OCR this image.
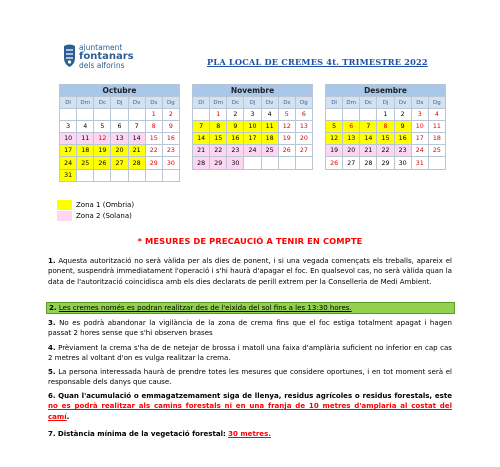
ajuntament
fontanars
dels alforins	PLA LOCAL DE CREMES 4t. TRIMESTRE 2022
Octubre						
Dl	Dm	Dc	Dj	Dv	Ds	Dg
					1	2
3	4	5	6	7	8	9
10	11	12	13	14	15	16
17	18	19	20	21	22	23
24	25	26	27	28	29	30
31						
Novembre						
Dl	Dm	Dc	Dj	Dv	Ds	Dg
	1	2	3	4	5	6
7	8	9	10	11	12	13
14	15	16	17	18	19	20
21	22	23	24	25	26	27
28	29	30				
Desembre						
Dl	Dm	Dc	Dj	Dv	Ds	Dg
			1	2	3	4
5	6	7	8	9	10	11
12	13	14	15	16	17	18
19	20	21	22	23	24	25
26	27	28	29	30	31	
Zona 1 (Ombria)
Zona 2 (Solana)
* MESURES DE PRECAUCIÓ A TENIR EN COMPTE
1. Aquesta autorització no serà vàlida per als dies de ponent, i si una vegada començats els treballs, apareix el ponent, suspendrà immediatament l'operació i s'hi haurà d'apagar el foc. En qualsevol cas, no serà vàlida quan la data de l'autorització coincidisca amb els dies declarats de perill extrem per la Conselleria de Medi Ambient.
2. Les cremes només es podran realitzar des de l'eixida del sol fins a les 13:30 hores.
3. No es podrà abandonar la vigilància de la zona de crema fins que el foc estiga totalment apagat i hagen passat 2 hores sense que s'hi observen brases
4. Prèviament la crema s'ha de de netejar de brossa i matoll una faixa d'amplària suficient no inferior en cap cas 2 metres al voltant d'on es vulga realitzar la crema.
5. La persona interessada haurà de prendre totes les mesures que considere oportunes, i en tot moment serà el responsable dels danys que cause.
6. Quan l'acumulació o emmagatzemament siga de llenya, residus agrícoles o residus forestals, este no es podrà realitzar als camins forestals ni en una franja de 10 metres d'amplaria al costat del camí.
7. Distància mínima de la vegetació forestal: 30 metres.
